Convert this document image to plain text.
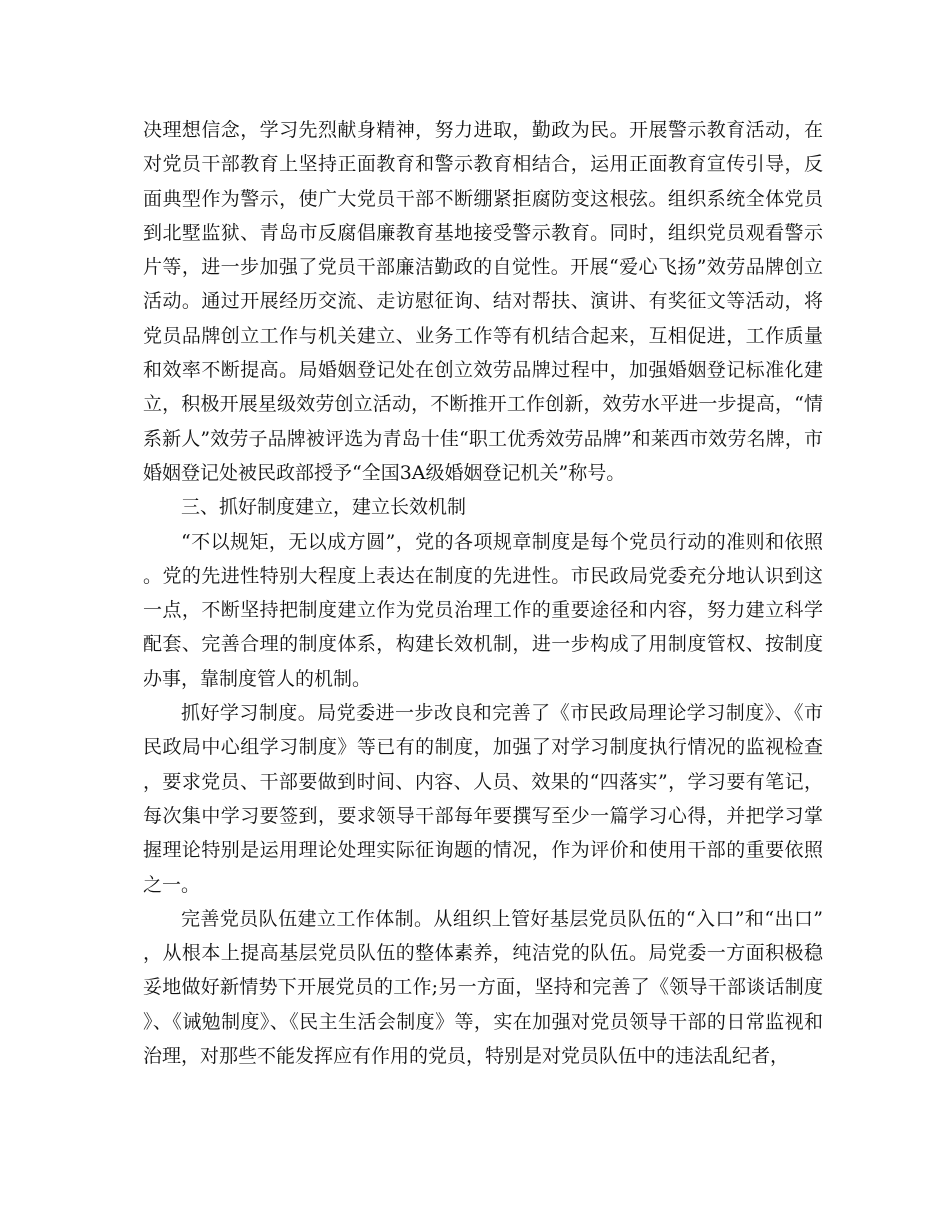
决理想信念，学习先烈献身精神，努力进取，勤政为民。开展警示教育活动，在对党员干部教育上坚持正面教育和警示教育相结合，运用正面教育宣传引导，反面典型作为警示，使广大党员干部不断绷紧拒腐防变这根弦。组织系统全体党员到北墅监狱、青岛市反腐倡廉教育基地接受警示教育。同时，组织党员观看警示片等，进一步加强了党员干部廉洁勤政的自觉性。开展“爱心飞扬”效劳品牌创立活动。通过开展经历交流、走访慰征询、结对帮扶、演讲、有奖征文等活动，将党员品牌创立工作与机关建立、业务工作等有机结合起来，互相促进，工作质量和效率不断提高。局婚姻登记处在创立效劳品牌过程中，加强婚姻登记标准化建立，积极开展星级效劳创立活动，不断推开工作创新，效劳水平进一步提高，“情系新人”效劳子品牌被评选为青岛十佳“职工优秀效劳品牌”和莱西市效劳名牌，市婚姻登记处被民政部授予“全国3A级婚姻登记机关”称号。

三、抓好制度建立，建立长效机制

“不以规矩，无以成方圆”，党的各项规章制度是每个党员行动的准则和依照。党的先进性特别大程度上表达在制度的先进性。市民政局党委充分地认识到这一点，不断坚持把制度建立作为党员治理工作的重要途径和内容，努力建立科学配套、完善合理的制度体系，构建长效机制，进一步构成了用制度管权、按制度办事，靠制度管人的机制。

抓好学习制度。局党委进一步改良和完善了《市民政局理论学习制度》、《市民政局中心组学习制度》等已有的制度，加强了对学习制度执行情况的监视检查，要求党员、干部要做到时间、内容、人员、效果的“四落实”，学习要有笔记，每次集中学习要签到，要求领导干部每年要撰写至少一篇学习心得，并把学习掌握理论特别是运用理论处理实际征询题的情况，作为评价和使用干部的重要依照之一。

完善党员队伍建立工作体制。从组织上管好基层党员队伍的“入口”和“出口”，从根本上提高基层党员队伍的整体素养，纯洁党的队伍。局党委一方面积极稳妥地做好新情势下开展党员的工作;另一方面，坚持和完善了《领导干部谈话制度》、《诫勉制度》、《民主生活会制度》等，实在加强对党员领导干部的日常监视和治理，对那些不能发挥应有作用的党员，特别是对党员队伍中的违法乱纪者，
